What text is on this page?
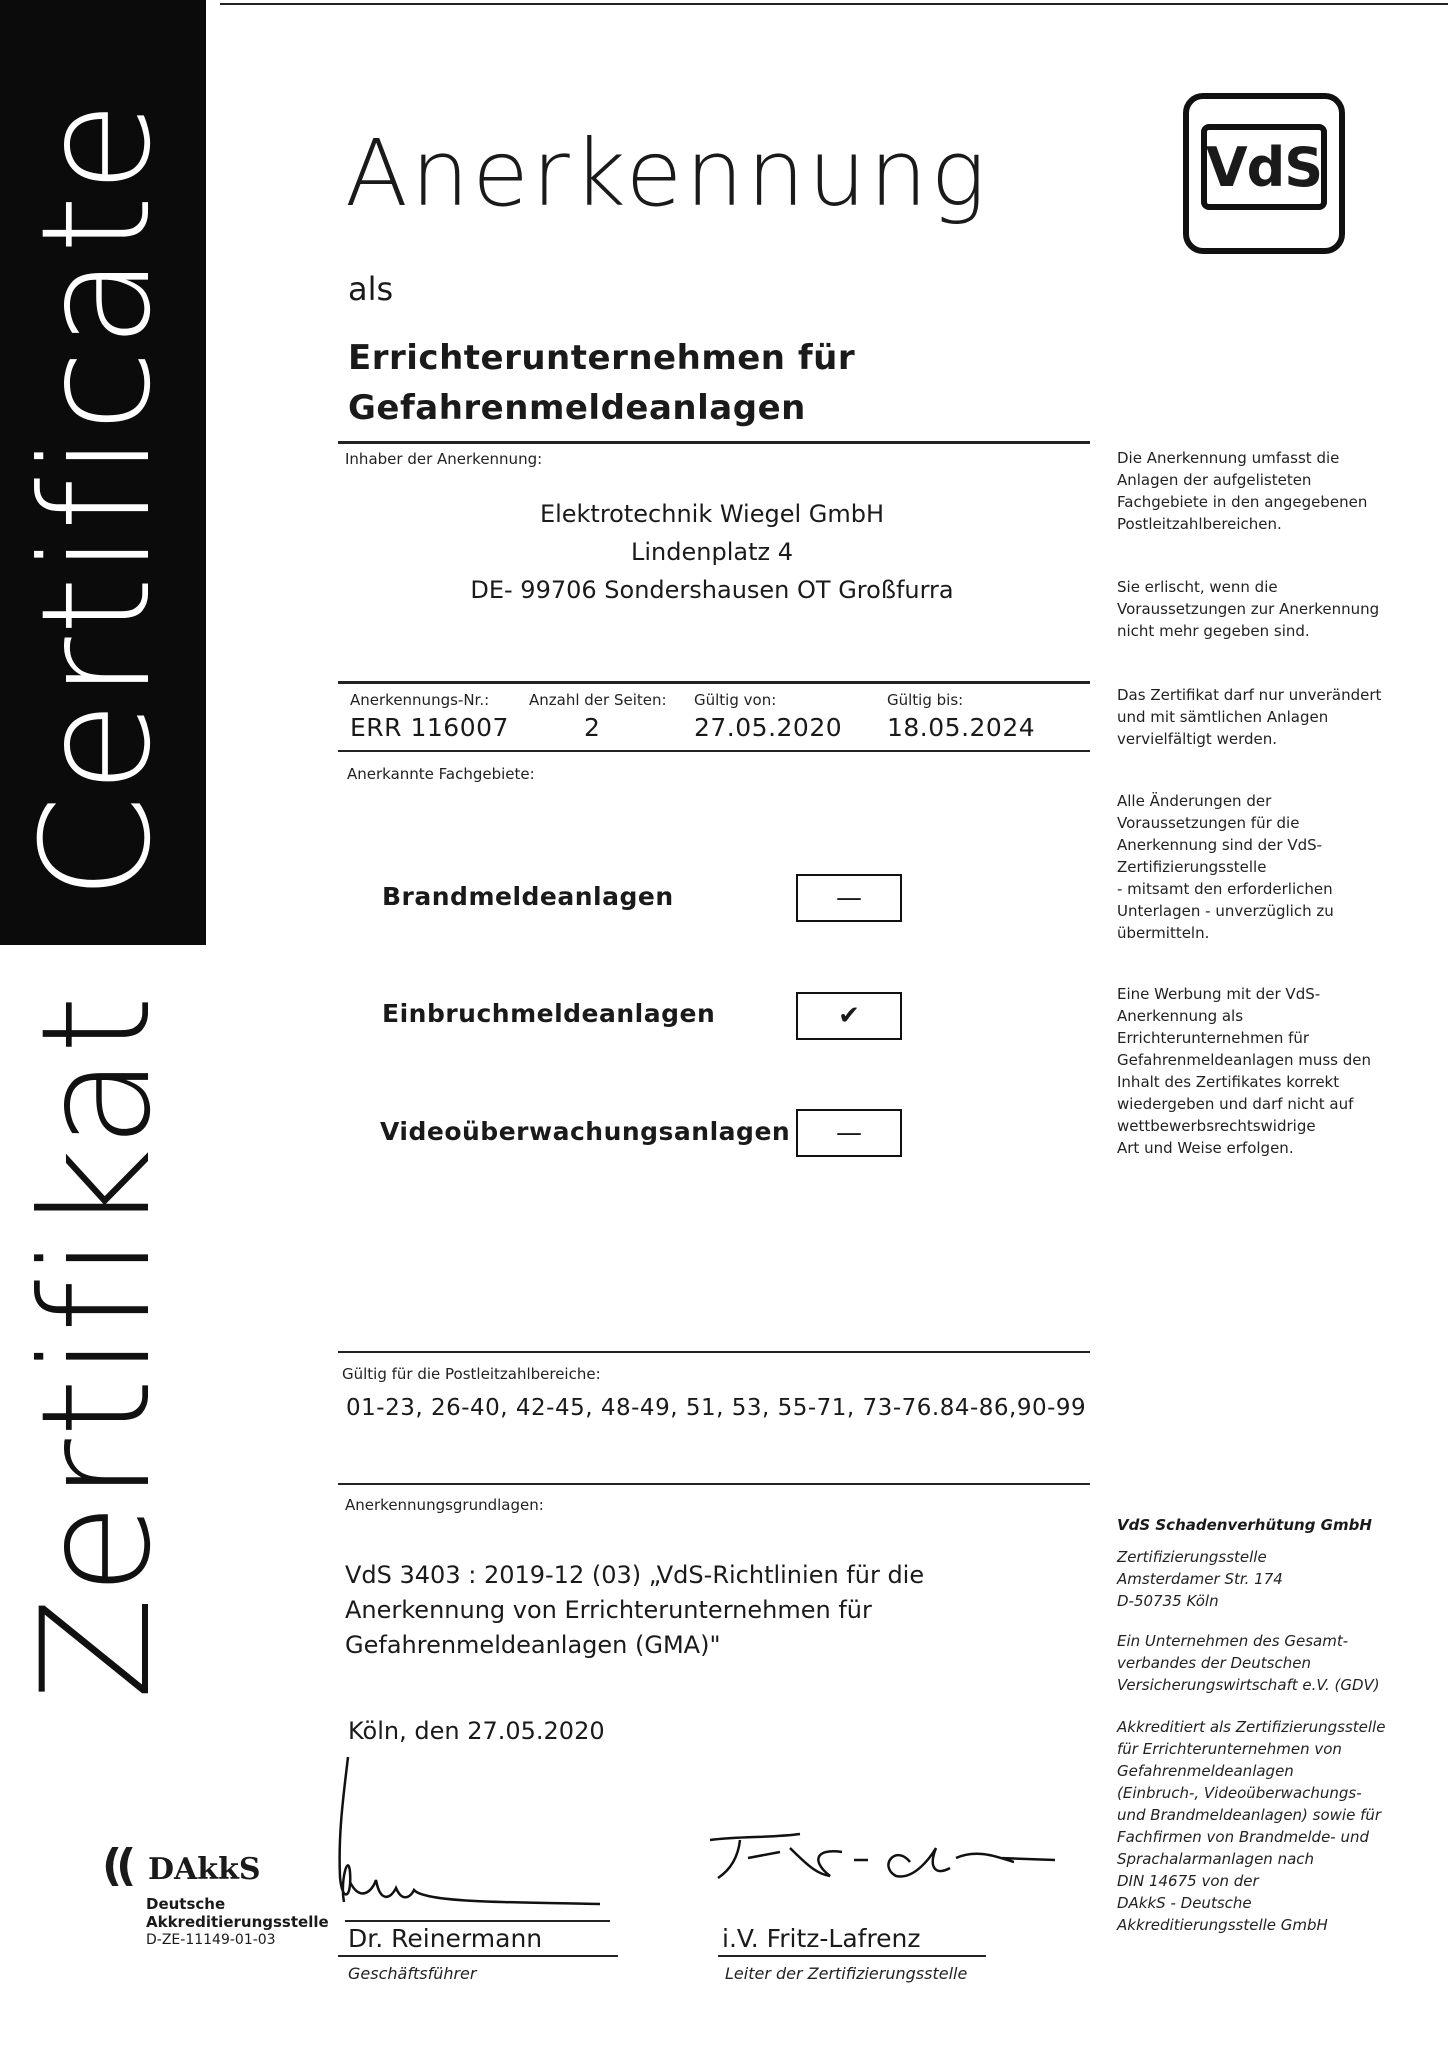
Certificate
Zertifikat
VdS
Anerkennung
als
Errichterunternehmen für
Gefahrenmeldeanlagen
Inhaber der Anerkennung:
Elektrotechnik Wiegel GmbH
Lindenplatz 4
DE- 99706 Sondershausen OT Großfurra
Anerkennungs-Nr.:
ERR 116007
Anzahl der Seiten:
2
Gültig von:
27.05.2020
Gültig bis:
18.05.2024
Anerkannte Fachgebiete:
Brandmeldeanlagen	—
Einbruchmeldeanlagen	✔
Videoüberwachungsanlagen	—
Gültig für die Postleitzahlbereiche:
01-23, 26-40, 42-45, 48-49, 51, 53, 55-71, 73-76.84-86,90-99
Anerkennungsgrundlagen:
VdS 3403 : 2019-12 (03) „VdS-Richtlinien für die
Anerkennung von Errichterunternehmen für
Gefahrenmeldeanlagen (GMA)"
Köln, den 27.05.2020
Dr. Reinermann
Geschäftsführer
i.V. Fritz-Lafrenz
Leiter der Zertifizierungsstelle
(( DAkkS
Deutsche
Akkreditierungsstelle
D-ZE-11149-01-03
Die Anerkennung umfasst die
Anlagen der aufgelisteten
Fachgebiete in den angegebenen
Postleitzahlbereichen.
Sie erlischt, wenn die
Voraussetzungen zur Anerkennung
nicht mehr gegeben sind.
Das Zertifikat darf nur unverändert
und mit sämtlichen Anlagen
vervielfältigt werden.
Alle Änderungen der
Voraussetzungen für die
Anerkennung sind der VdS-
Zertifizierungsstelle
- mitsamt den erforderlichen
Unterlagen - unverzüglich zu
übermitteln.
Eine Werbung mit der VdS-
Anerkennung als
Errichterunternehmen für
Gefahrenmeldeanlagen muss den
Inhalt des Zertifikates korrekt
wiedergeben und darf nicht auf
wettbewerbsrechtswidrige
Art und Weise erfolgen.
VdS Schadenverhütung GmbH
Zertifizierungsstelle
Amsterdamer Str. 174
D-50735 Köln
Ein Unternehmen des Gesamt-
verbandes der Deutschen
Versicherungswirtschaft e.V. (GDV)
Akkreditiert als Zertifizierungsstelle
für Errichterunternehmen von
Gefahrenmeldeanlagen
(Einbruch-, Videoüberwachungs-
und Brandmeldeanlagen) sowie für
Fachfirmen von Brandmelde- und
Sprachalarmanlagen nach
DIN 14675 von der
DAkkS - Deutsche
Akkreditierungsstelle GmbH
